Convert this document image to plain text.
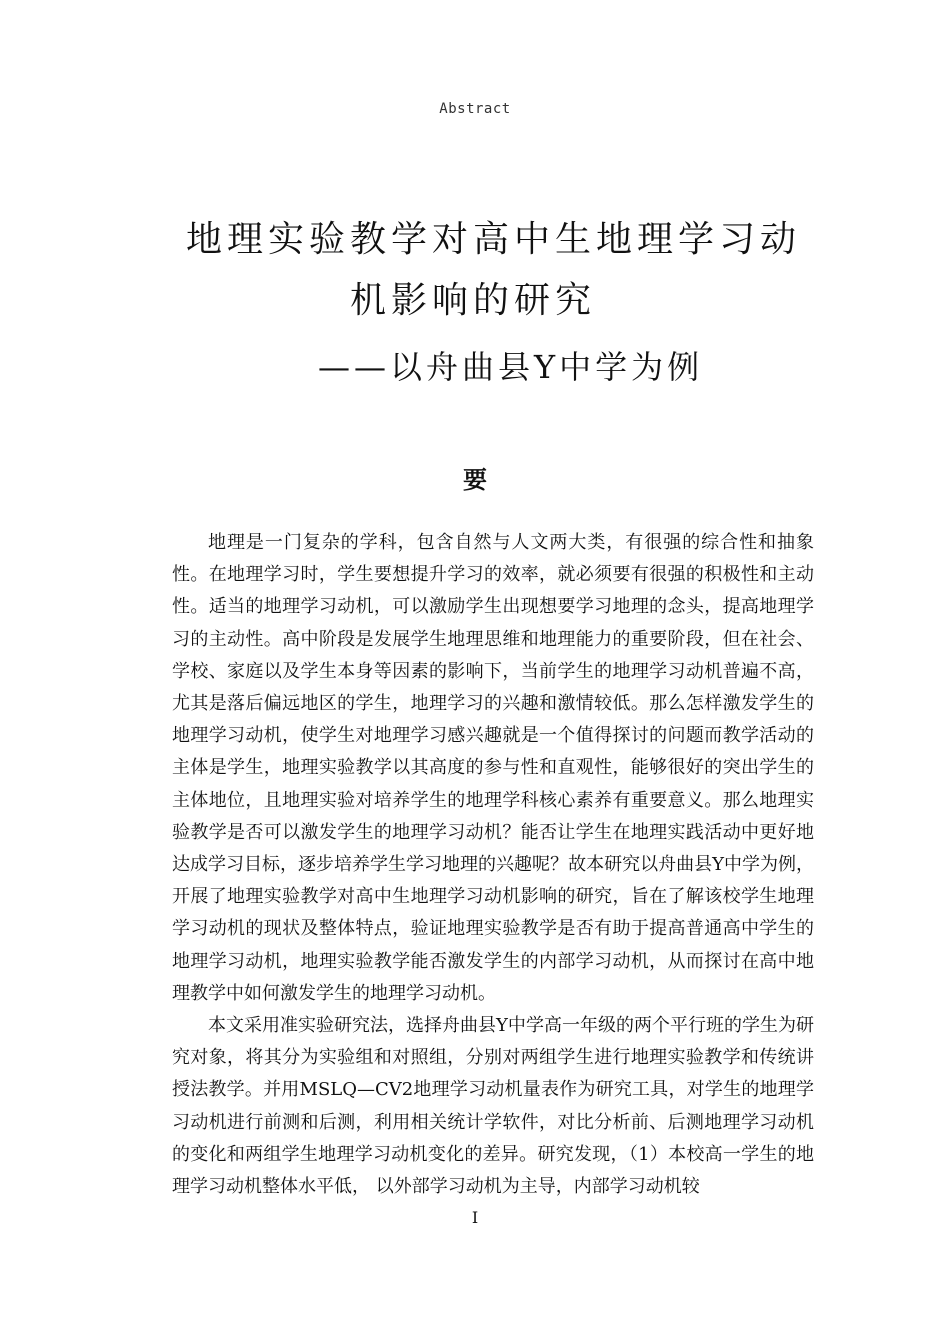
Abstract
地理实验教学对高中生地理学习动
机影响的研究
——以舟曲县Y中学为例
要

地理是一门复杂的学科，包含自然与人文两大类，有很强的综合性和抽象性。在地理学习时，学生要想提升学习的效率，就必须要有很强的积极性和主动性。适当的地理学习动机，可以激励学生出现想要学习地理的念头，提高地理学习的主动性。高中阶段是发展学生地理思维和地理能力的重要阶段，但在社会、学校、家庭以及学生本身等因素的影响下，当前学生的地理学习动机普遍不高，尤其是落后偏远地区的学生，地理学习的兴趣和激情较低。那么怎样激发学生的地理学习动机，使学生对地理学习感兴趣就是一个值得探讨的问题而教学活动的主体是学生，地理实验教学以其高度的参与性和直观性，能够很好的突出学生的主体地位，且地理实验对培养学生的地理学科核心素养有重要意义。那么地理实验教学是否可以激发学生的地理学习动机？能否让学生在地理实践活动中更好地达成学习目标，逐步培养学生学习地理的兴趣呢？故本研究以舟曲县Y中学为例，开展了地理实验教学对高中生地理学习动机影响的研究，旨在了解该校学生地理学习动机的现状及整体特点，验证地理实验教学是否有助于提高普通高中学生的地理学习动机，地理实验教学能否激发学生的内部学习动机，从而探讨在高中地理教学中如何激发学生的地理学习动机。

本文采用准实验研究法，选择舟曲县Y中学高一年级的两个平行班的学生为研究对象，将其分为实验组和对照组，分别对两组学生进行地理实验教学和传统讲授法教学。并用MSLQ—CV2地理学习动机量表作为研究工具，对学生的地理学习动机进行前测和后测，利用相关统计学软件，对比分析前、后测地理学习动机的变化和两组学生地理学习动机变化的差异。研究发现，（1）本校高一学生的地理学习动机整体水平低， 以外部学习动机为主导，内部学习动机较

I
